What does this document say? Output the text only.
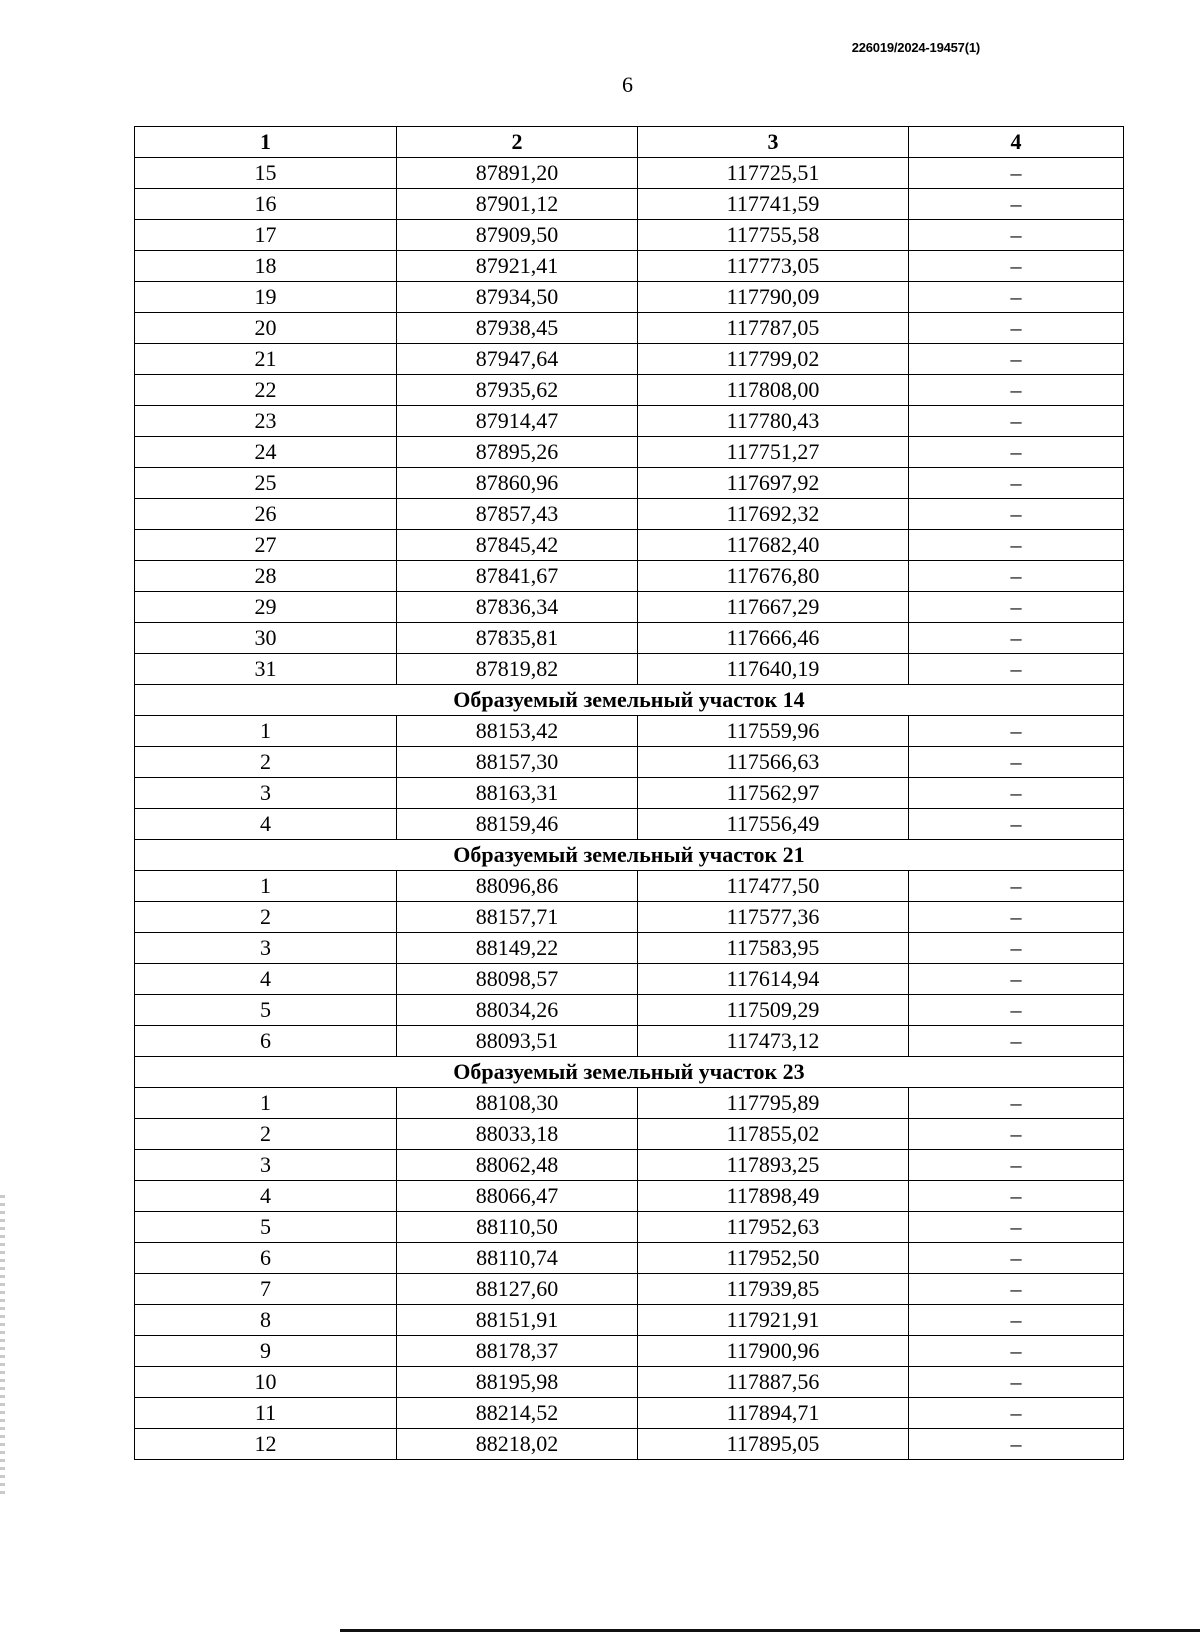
226019/2024-19457(1)
6
1	2	3	4
15	87891,20	117725,51	–
16	87901,12	117741,59	–
17	87909,50	117755,58	–
18	87921,41	117773,05	–
19	87934,50	117790,09	–
20	87938,45	117787,05	–
21	87947,64	117799,02	–
22	87935,62	117808,00	–
23	87914,47	117780,43	–
24	87895,26	117751,27	–
25	87860,96	117697,92	–
26	87857,43	117692,32	–
27	87845,42	117682,40	–
28	87841,67	117676,80	–
29	87836,34	117667,29	–
30	87835,81	117666,46	–
31	87819,82	117640,19	–
Образуемый земельный участок 14			
1	88153,42	117559,96	–
2	88157,30	117566,63	–
3	88163,31	117562,97	–
4	88159,46	117556,49	–
Образуемый земельный участок 21			
1	88096,86	117477,50	–
2	88157,71	117577,36	–
3	88149,22	117583,95	–
4	88098,57	117614,94	–
5	88034,26	117509,29	–
6	88093,51	117473,12	–
Образуемый земельный участок 23			
1	88108,30	117795,89	–
2	88033,18	117855,02	–
3	88062,48	117893,25	–
4	88066,47	117898,49	–
5	88110,50	117952,63	–
6	88110,74	117952,50	–
7	88127,60	117939,85	–
8	88151,91	117921,91	–
9	88178,37	117900,96	–
10	88195,98	117887,56	–
11	88214,52	117894,71	–
12	88218,02	117895,05	–
